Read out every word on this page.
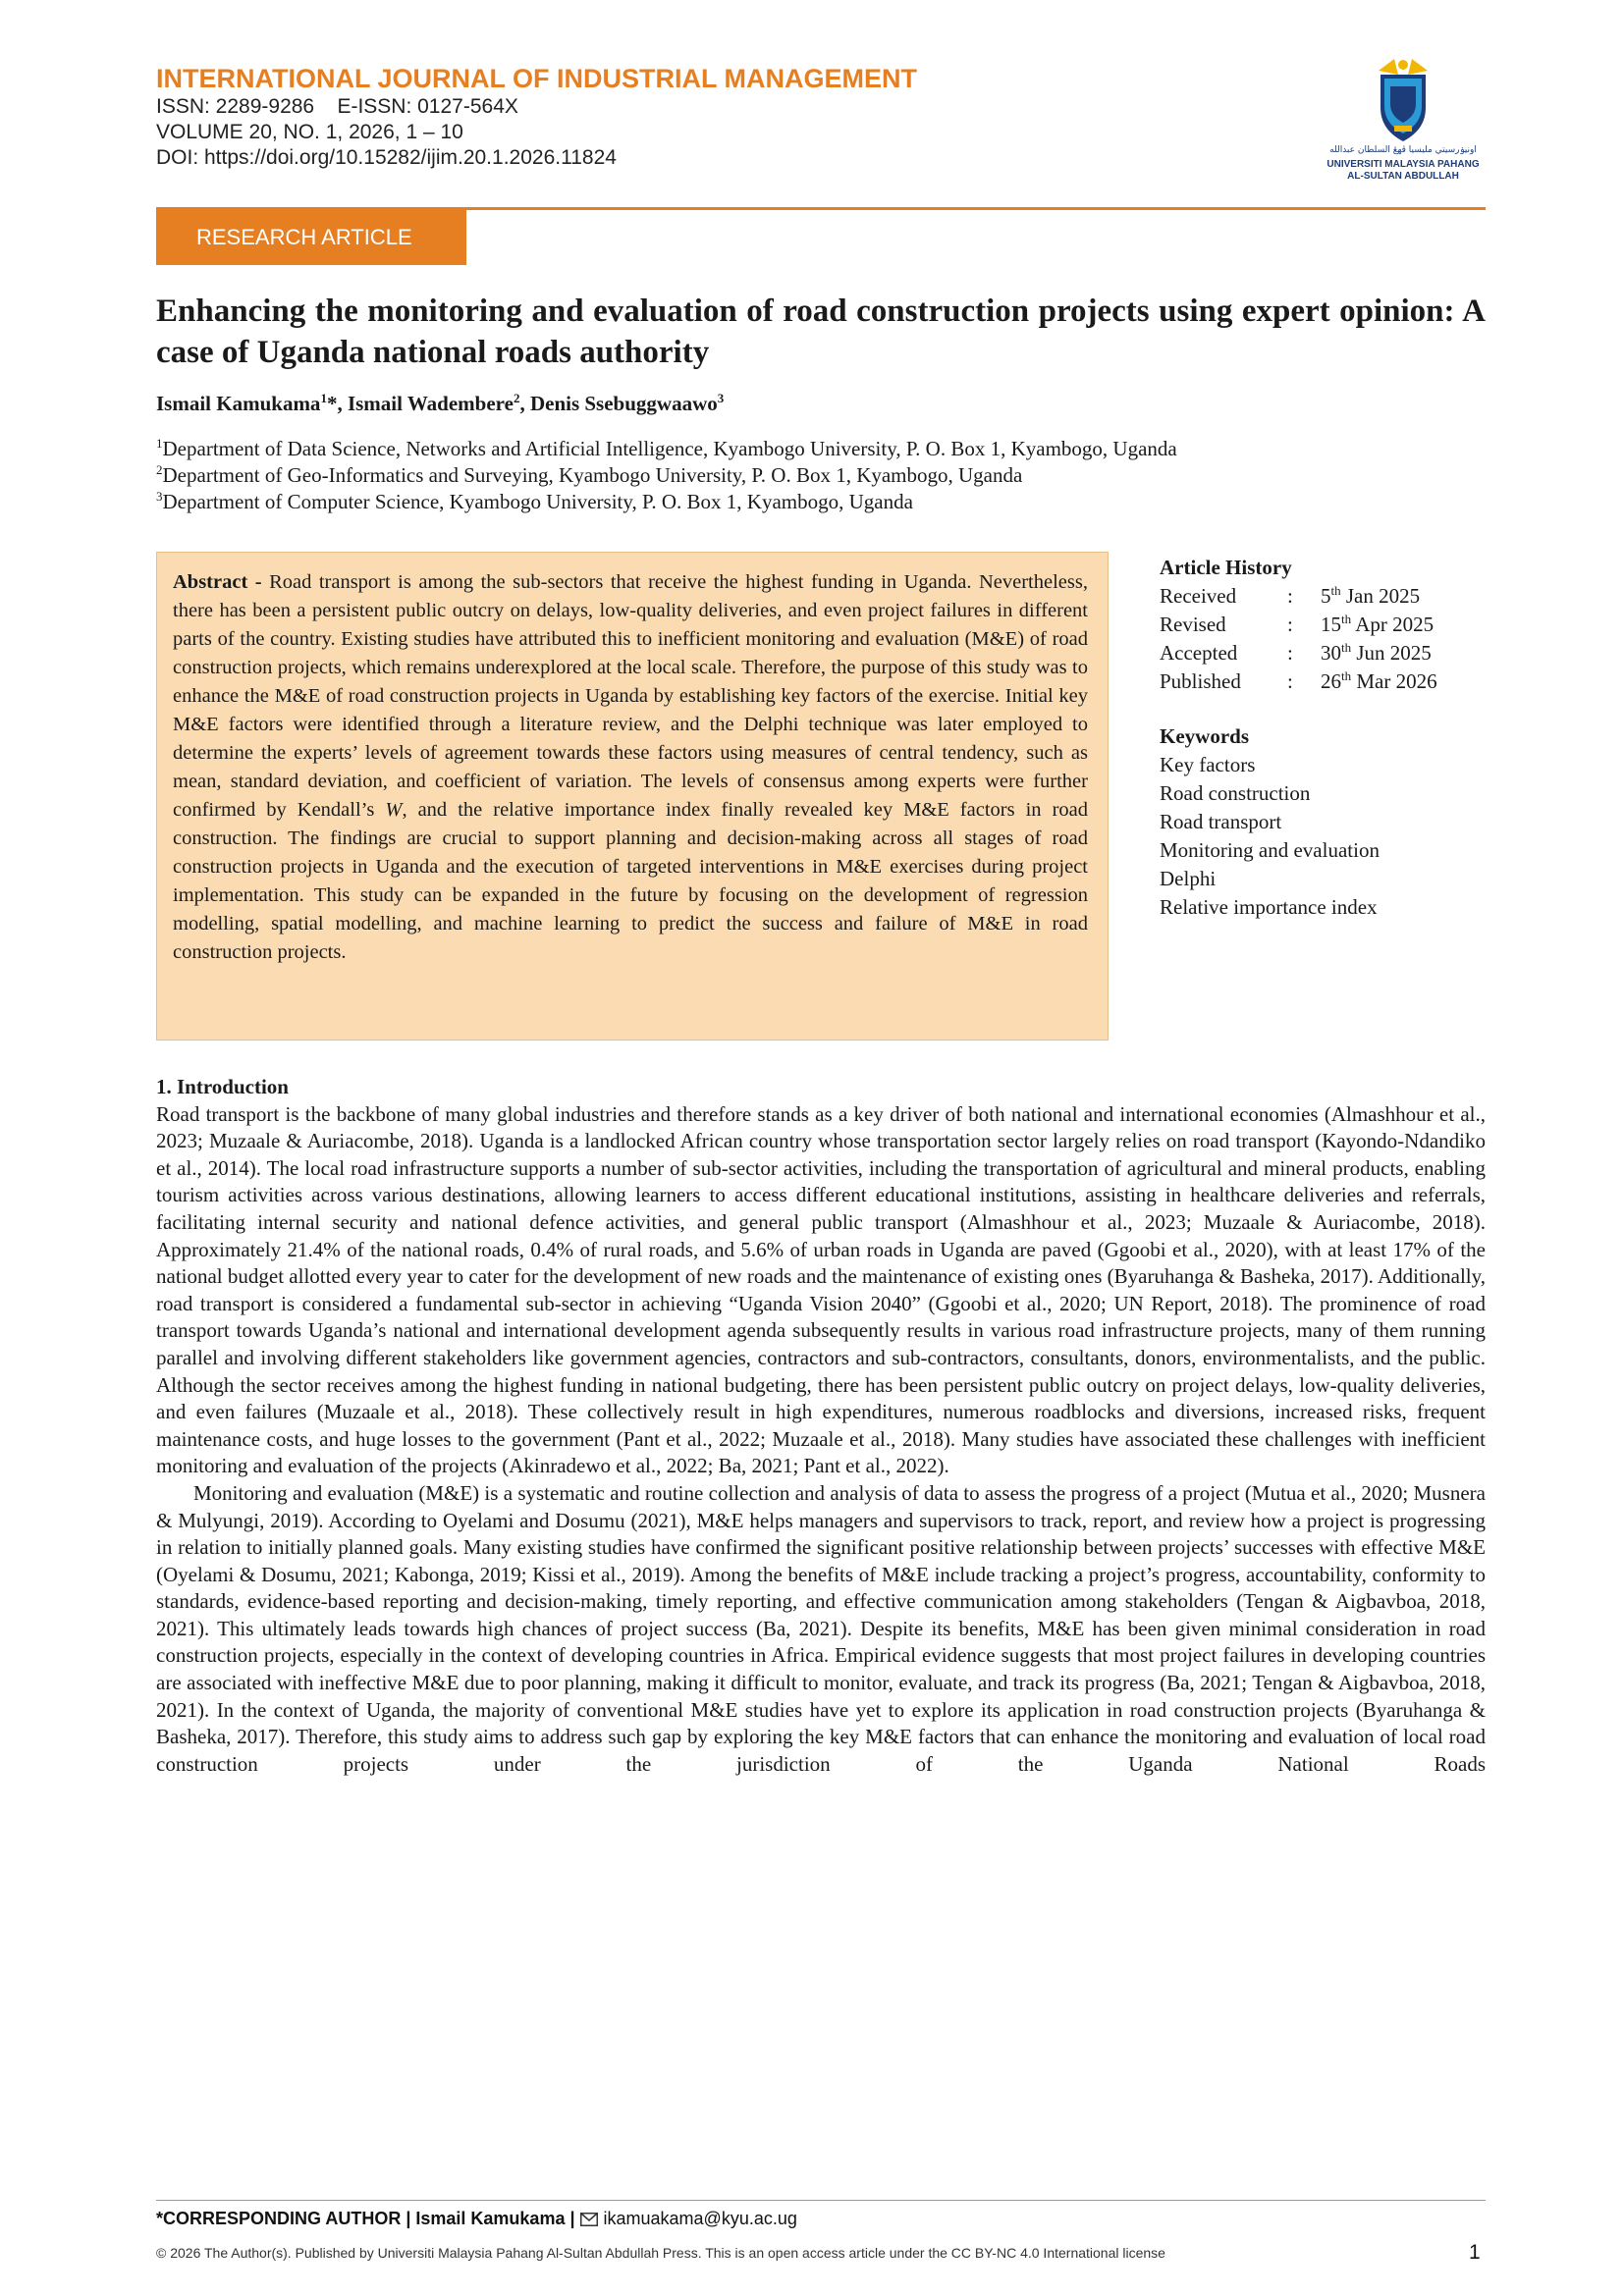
INTERNATIONAL JOURNAL OF INDUSTRIAL MANAGEMENT
ISSN: 2289-9286    E-ISSN: 0127-564X
VOLUME 20, NO. 1, 2026, 1 – 10
DOI: https://doi.org/10.15282/ijim.20.1.2026.11824	اونيۏرسيتي مليسيا ڤهڠ السلطان عبدالله
UNIVERSITI MALAYSIA PAHANG
AL-SULTAN ABDULLAH
RESEARCH ARTICLE
Enhancing the monitoring and evaluation of road construction projects using expert opinion: A case of Uganda national roads authority
Ismail Kamukama$^1$*, Ismail Wadembere$^2$, Denis Ssebuggwaawo$^3$
$^1$Department of Data Science, Networks and Artificial Intelligence, Kyambogo University, P. O. Box 1, Kyambogo, Uganda
$^2$Department of Geo-Informatics and Surveying, Kyambogo University, P. O. Box 1, Kyambogo, Uganda
$^3$Department of Computer Science, Kyambogo University, P. O. Box 1, Kyambogo, Uganda
Abstract - Road transport is among the sub-sectors that receive the highest funding in Uganda. Nevertheless, there has been a persistent public outcry on delays, low-quality deliveries, and even project failures in different parts of the country. Existing studies have attributed this to inefficient monitoring and evaluation (M&E) of road construction projects, which remains underexplored at the local scale. Therefore, the purpose of this study was to enhance the M&E of road construction projects in Uganda by establishing key factors of the exercise. Initial key M&E factors were identified through a literature review, and the Delphi technique was later employed to determine the experts’ levels of agreement towards these factors using measures of central tendency, such as mean, standard deviation, and coefficient of variation. The levels of consensus among experts were further confirmed by Kendall’s W, and the relative importance index finally revealed key M&E factors in road construction. The findings are crucial to support planning and decision-making across all stages of road construction projects in Uganda and the execution of targeted interventions in M&E exercises during project implementation. This study can be expanded in the future by focusing on the development of regression modelling, spatial modelling, and machine learning to predict the success and failure of M&E in road construction projects.
Article History
Received	:	5th Jan 2025
Revised	:	15th Apr 2025
Accepted	:	30th Jun 2025
Published	:	26th Mar 2026
Keywords
Key factors
Road construction
Road transport
Monitoring and evaluation
Delphi
Relative importance index
1. Introduction

Road transport is the backbone of many global industries and therefore stands as a key driver of both national and international economies (Almashhour et al., 2023; Muzaale & Auriacombe, 2018). Uganda is a landlocked African country whose transportation sector largely relies on road transport (Kayondo-Ndandiko et al., 2014). The local road infrastructure supports a number of sub-sector activities, including the transportation of agricultural and mineral products, enabling tourism activities across various destinations, allowing learners to access different educational institutions, assisting in healthcare deliveries and referrals, facilitating internal security and national defence activities, and general public transport (Almashhour et al., 2023; Muzaale & Auriacombe, 2018). Approximately 21.4% of the national roads, 0.4% of rural roads, and 5.6% of urban roads in Uganda are paved (Ggoobi et al., 2020), with at least 17% of the national budget allotted every year to cater for the development of new roads and the maintenance of existing ones (Byaruhanga & Basheka, 2017). Additionally, road transport is considered a fundamental sub-sector in achieving “Uganda Vision 2040” (Ggoobi et al., 2020; UN Report, 2018). The prominence of road transport towards Uganda’s national and international development agenda subsequently results in various road infrastructure projects, many of them running parallel and involving different stakeholders like government agencies, contractors and sub-contractors, consultants, donors, environmentalists, and the public. Although the sector receives among the highest funding in national budgeting, there has been persistent public outcry on project delays, low-quality deliveries, and even failures (Muzaale et al., 2018). These collectively result in high expenditures, numerous roadblocks and diversions, increased risks, frequent maintenance costs, and huge losses to the government (Pant et al., 2022; Muzaale et al., 2018). Many studies have associated these challenges with inefficient monitoring and evaluation of the projects (Akinradewo et al., 2022; Ba, 2021; Pant et al., 2022).

Monitoring and evaluation (M&E) is a systematic and routine collection and analysis of data to assess the progress of a project (Mutua et al., 2020; Musnera & Mulyungi, 2019). According to Oyelami and Dosumu (2021), M&E helps managers and supervisors to track, report, and review how a project is progressing in relation to initially planned goals. Many existing studies have confirmed the significant positive relationship between projects’ successes with effective M&E (Oyelami & Dosumu, 2021; Kabonga, 2019; Kissi et al., 2019). Among the benefits of M&E include tracking a project’s progress, accountability, conformity to standards, evidence-based reporting and decision-making, timely reporting, and effective communication among stakeholders (Tengan & Aigbavboa, 2018, 2021). This ultimately leads towards high chances of project success (Ba, 2021). Despite its benefits, M&E has been given minimal consideration in road construction projects, especially in the context of developing countries in Africa. Empirical evidence suggests that most project failures in developing countries are associated with ineffective M&E due to poor planning, making it difficult to monitor, evaluate, and track its progress (Ba, 2021; Tengan & Aigbavboa, 2018, 2021). In the context of Uganda, the majority of conventional M&E studies have yet to explore its application in road construction projects (Byaruhanga & Basheka, 2017). Therefore, this study aims to address such gap by exploring the key M&E factors that can enhance the monitoring and evaluation of local road construction projects under the jurisdiction of the Uganda National Roads

*CORRESPONDING AUTHOR | Ismail Kamukama | ikamuakama@kyu.ac.ug
© 2026 The Author(s). Published by Universiti Malaysia Pahang Al-Sultan Abdullah Press. This is an open access article under the CC BY-NC 4.0 International license	1
